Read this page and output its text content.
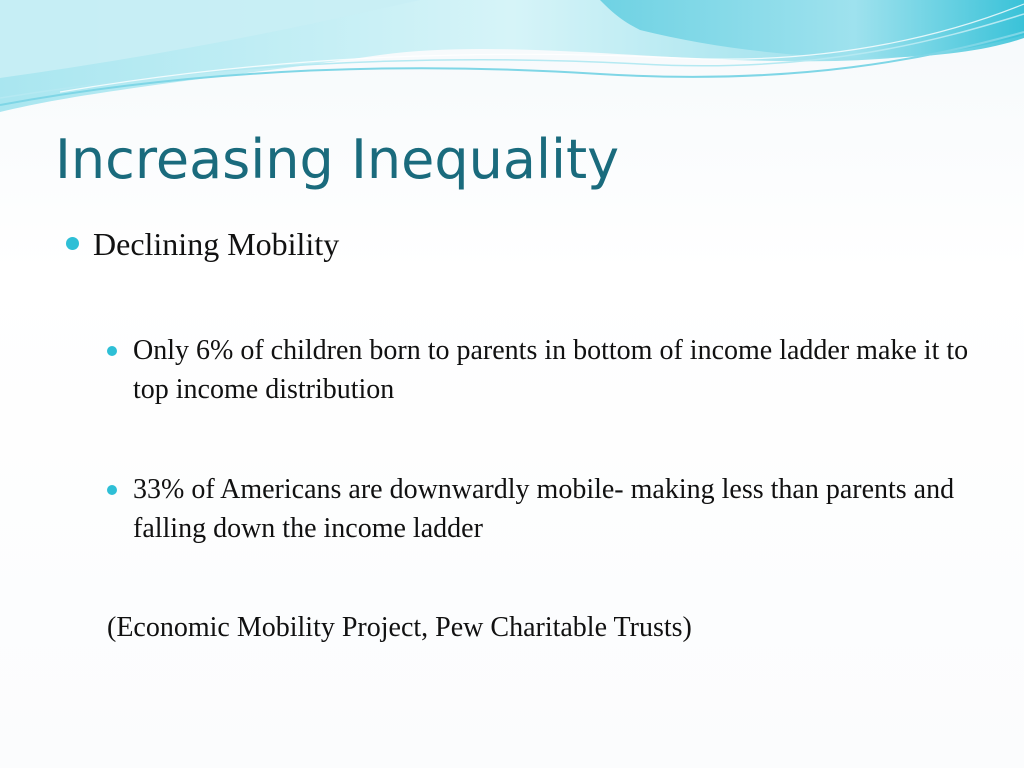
Increasing Inequality
Declining Mobility
Only 6% of children born to parents in bottom of income ladder make it to top income distribution
33% of Americans are downwardly mobile- making less than parents and falling down the income ladder
(Economic Mobility Project, Pew Charitable Trusts)
